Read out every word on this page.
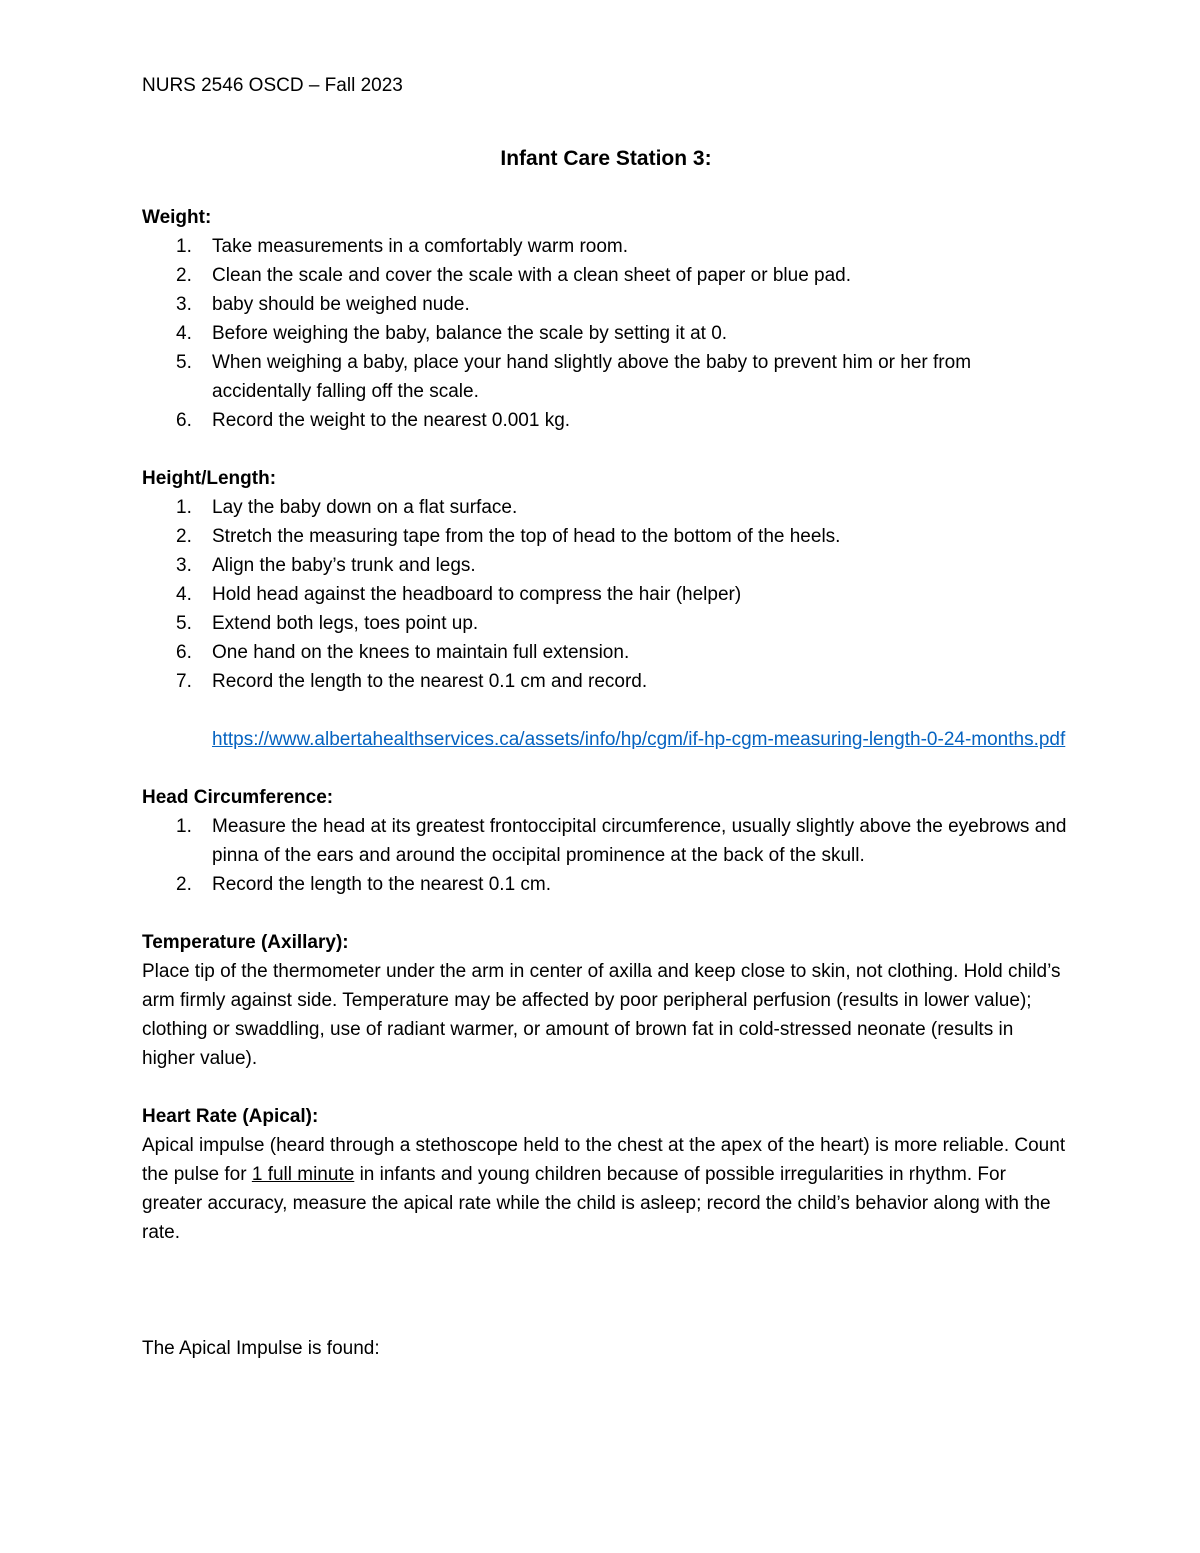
NURS 2546 OSCD – Fall 2023

Infant Care Station 3:

Weight:

1.	Take measurements in a comfortably warm room.
2.	Clean the scale and cover the scale with a clean sheet of paper or blue pad.
3.	baby should be weighed nude.
4.	Before weighing the baby, balance the scale by setting it at 0.
5.	When weighing a baby, place your hand slightly above the baby to prevent him or her from accidentally falling off the scale.
6.	Record the weight to the nearest 0.001 kg.

Height/Length:

1.	Lay the baby down on a flat surface.
2.	Stretch the measuring tape from the top of head to the bottom of the heels.
3.	Align the baby’s trunk and legs.
4.	Hold head against the headboard to compress the hair (helper)
5.	Extend both legs, toes point up.
6.	One hand on the knees to maintain full extension.
7.	Record the length to the nearest 0.1 cm and record.
https://www.albertahealthservices.ca/assets/info/hp/cgm/if-hp-cgm-measuring-length-0-24-months.pdf

Head Circumference:

1.	Measure the head at its greatest frontoccipital circumference, usually slightly above the eyebrows and pinna of the ears and around the occipital prominence at the back of the skull.
2.	Record the length to the nearest 0.1 cm.

Temperature (Axillary):

Place tip of the thermometer under the arm in center of axilla and keep close to skin, not clothing. Hold child’s arm firmly against side. Temperature may be affected by poor peripheral perfusion (results in lower value); clothing or swaddling, use of radiant warmer, or amount of brown fat in cold-stressed neonate (results in higher value).

Heart Rate (Apical):

Apical impulse (heard through a stethoscope held to the chest at the apex of the heart) is more reliable. Count the pulse for 1 full minute in infants and young children because of possible irregularities in rhythm. For greater accuracy, measure the apical rate while the child is asleep; record the child’s behavior along with the rate.

The Apical Impulse is found:
